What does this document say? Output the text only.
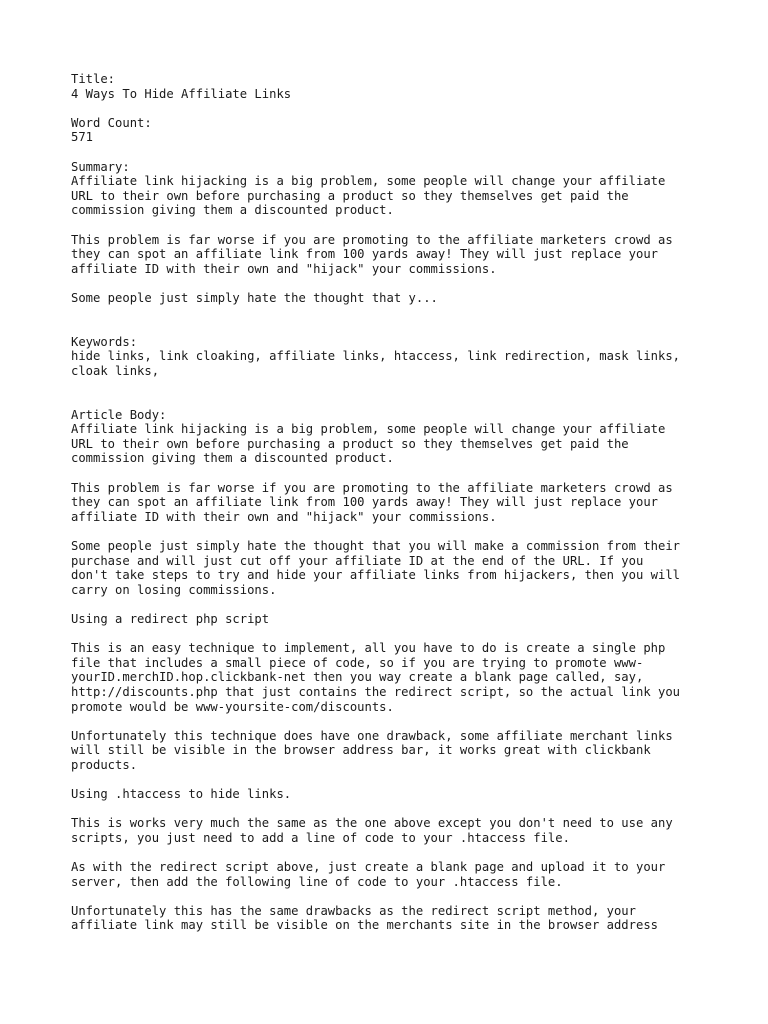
Title:
4 Ways To Hide Affiliate Links
Word Count:
571
Summary:
Affiliate link hijacking is a big problem, some people will change your affiliate
URL to their own before purchasing a product so they themselves get paid the
commission giving them a discounted product.
This problem is far worse if you are promoting to the affiliate marketers crowd as
they can spot an affiliate link from 100 yards away! They will just replace your
affiliate ID with their own and "hijack" your commissions.
Some people just simply hate the thought that y...
Keywords:
hide links, link cloaking, affiliate links, htaccess, link redirection, mask links,
cloak links,
Article Body:
Affiliate link hijacking is a big problem, some people will change your affiliate
URL to their own before purchasing a product so they themselves get paid the
commission giving them a discounted product.
This problem is far worse if you are promoting to the affiliate marketers crowd as
they can spot an affiliate link from 100 yards away! They will just replace your
affiliate ID with their own and "hijack" your commissions.
Some people just simply hate the thought that you will make a commission from their
purchase and will just cut off your affiliate ID at the end of the URL. If you
don't take steps to try and hide your affiliate links from hijackers, then you will
carry on losing commissions.
Using a redirect php script
This is an easy technique to implement, all you have to do is create a single php
file that includes a small piece of code, so if you are trying to promote www-
yourID.merchID.hop.clickbank-net then you way create a blank page called, say,
http://discounts.php that just contains the redirect script, so the actual link you
promote would be www-yoursite-com/discounts.
Unfortunately this technique does have one drawback, some affiliate merchant links
will still be visible in the browser address bar, it works great with clickbank
products.
Using .htaccess to hide links.
This is works very much the same as the one above except you don't need to use any
scripts, you just need to add a line of code to your .htaccess file.
As with the redirect script above, just create a blank page and upload it to your
server, then add the following line of code to your .htaccess file.
Unfortunately this has the same drawbacks as the redirect script method, your
affiliate link may still be visible on the merchants site in the browser address
